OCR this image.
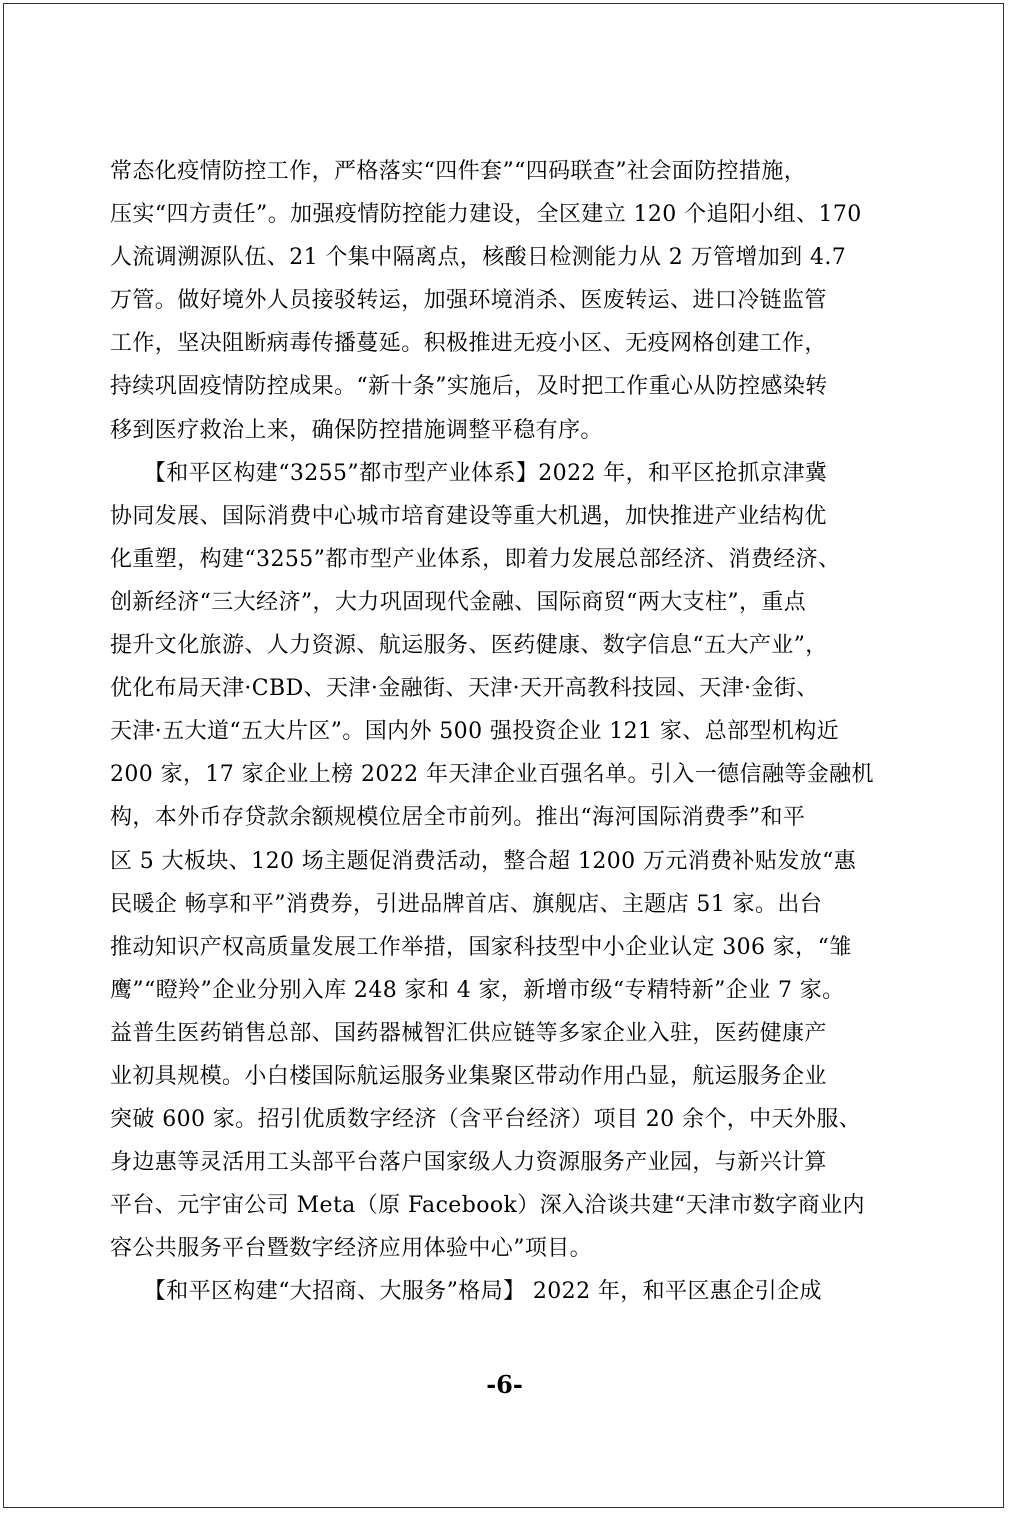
常态化疫情防控工作，严格落实“四件套”“四码联查”社会面防控措施，
压实“四方责任”。加强疫情防控能力建设，全区建立 120 个追阳小组、170
人流调溯源队伍、21 个集中隔离点，核酸日检测能力从 2 万管增加到 4.7
万管。做好境外人员接驳转运，加强环境消杀、医废转运、进口冷链监管
工作，坚决阻断病毒传播蔓延。积极推进无疫小区、无疫网格创建工作，
持续巩固疫情防控成果。“新十条”实施后，及时把工作重心从防控感染转
移到医疗救治上来，确保防控措施调整平稳有序。
　　【和平区构建“3255”都市型产业体系】2022 年，和平区抢抓京津冀
协同发展、国际消费中心城市培育建设等重大机遇，加快推进产业结构优
化重塑，构建“3255”都市型产业体系，即着力发展总部经济、消费经济、
创新经济“三大经济”，大力巩固现代金融、国际商贸“两大支柱”，重点
提升文化旅游、人力资源、航运服务、医药健康、数字信息“五大产业”，
优化布局天津·CBD、天津·金融街、天津·天开高教科技园、天津·金街、
天津·五大道“五大片区”。国内外 500 强投资企业 121 家、总部型机构近
200 家，17 家企业上榜 2022 年天津企业百强名单。引入一德信融等金融机
构，本外币存贷款余额规模位居全市前列。推出“海河国际消费季”和平
区 5 大板块、120 场主题促消费活动，整合超 1200 万元消费补贴发放“惠
民暖企 畅享和平”消费券，引进品牌首店、旗舰店、主题店 51 家。出台
推动知识产权高质量发展工作举措，国家科技型中小企业认定 306 家，“雏
鹰”“瞪羚”企业分别入库 248 家和 4 家，新增市级“专精特新”企业 7 家。
益普生医药销售总部、国药器械智汇供应链等多家企业入驻，医药健康产
业初具规模。小白楼国际航运服务业集聚区带动作用凸显，航运服务企业
突破 600 家。招引优质数字经济（含平台经济）项目 20 余个，中天外服、
身边惠等灵活用工头部平台落户国家级人力资源服务产业园，与新兴计算
平台、元宇宙公司 Meta（原 Facebook）深入洽谈共建“天津市数字商业内
容公共服务平台暨数字经济应用体验中心”项目。
　　【和平区构建“大招商、大服务”格局】 2022 年，和平区惠企引企成
-6-
